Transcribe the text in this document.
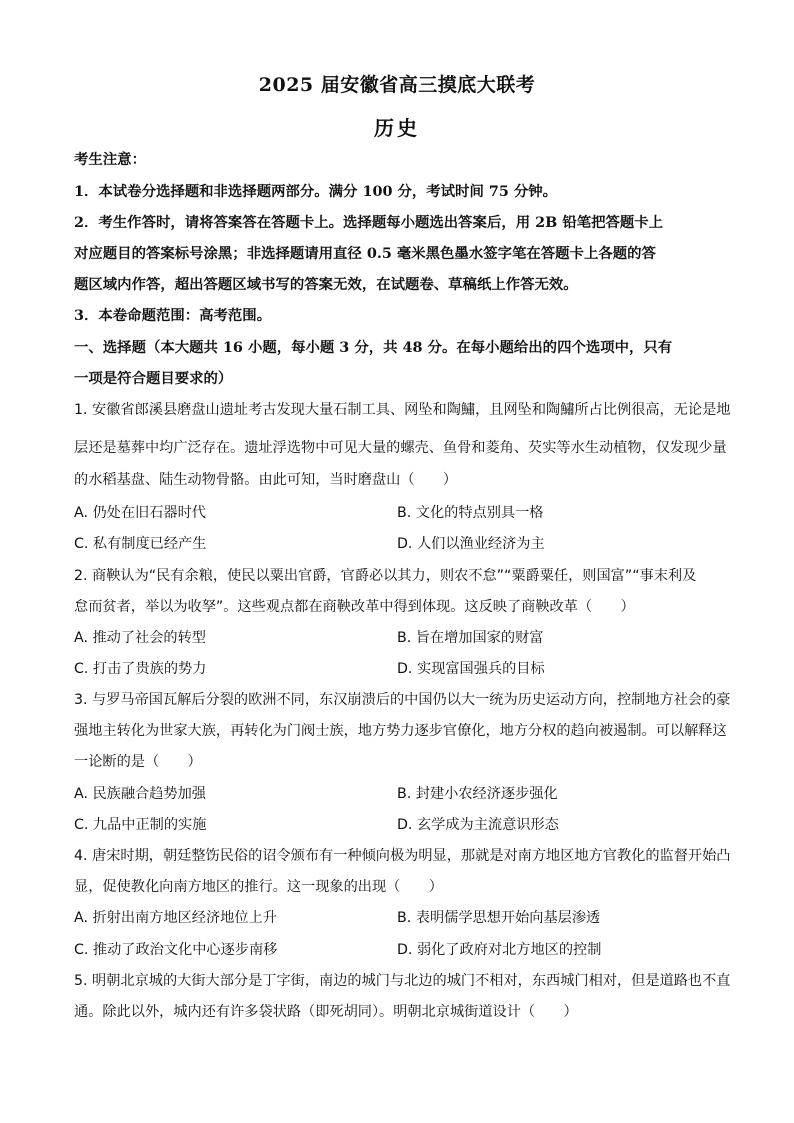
2025 届安徽省高三摸底大联考
历史
考生注意：
1．本试卷分选择题和非选择题两部分。满分 100 分，考试时间 75 分钟。
2．考生作答时，请将答案答在答题卡上。选择题每小题选出答案后，用 2B 铅笔把答题卡上
对应题目的答案标号涂黑；非选择题请用直径 0.5 毫米黑色墨水签字笔在答题卡上各题的答
题区域内作答，超出答题区域书写的答案无效，在试题卷、草稿纸上作答无效。
3．本卷命题范围：高考范围。
一、选择题（本大题共 16 小题，每小题 3 分，共 48 分。在每小题给出的四个选项中，只有
一项是符合题目要求的）
1. 安徽省郎溪县磨盘山遗址考古发现大量石制工具、网坠和陶鱐，且网坠和陶鱐所占比例很高，无论是地
层还是墓葬中均广泛存在。遗址浮选物中可见大量的螺壳、鱼骨和菱角、芡实等水生动植物，仅发现少量
的水稻基盘、陆生动物骨骼。由此可知，当时磨盘山（　　）
A. 仍处在旧石器时代	B. 文化的特点别具一格
C. 私有制度已经产生	D. 人们以渔业经济为主
2. 商鞅认为“民有余粮，使民以粟出官爵，官爵必以其力，则农不怠”“粟爵粟任，则国富”“事末利及
怠而贫者，举以为收孥”。这些观点都在商鞅改革中得到体现。这反映了商鞅改革（　　）
A. 推动了社会的转型	B. 旨在增加国家的财富
C. 打击了贵族的势力	D. 实现富国强兵的目标
3. 与罗马帝国瓦解后分裂的欧洲不同，东汉崩溃后的中国仍以大一统为历史运动方向，控制地方社会的豪
强地主转化为世家大族，再转化为门阀士族，地方势力逐步官僚化，地方分权的趋向被遏制。可以解释这
一论断的是（　　）
A. 民族融合趋势加强	B. 封建小农经济逐步强化
C. 九品中正制的实施	D. 玄学成为主流意识形态
4. 唐宋时期，朝廷整饬民俗的诏令颁布有一种倾向极为明显，那就是对南方地区地方官教化的监督开始凸
显，促使教化向南方地区的推行。这一现象的出现（　　）
A. 折射出南方地区经济地位上升	B. 表明儒学思想开始向基层渗透
C. 推动了政治文化中心逐步南移	D. 弱化了政府对北方地区的控制
5. 明朝北京城的大街大部分是丁字街，南边的城门与北边的城门不相对，东西城门相对，但是道路也不直
通。除此以外，城内还有许多袋状路（即死胡同）。明朝北京城街道设计（　　）
